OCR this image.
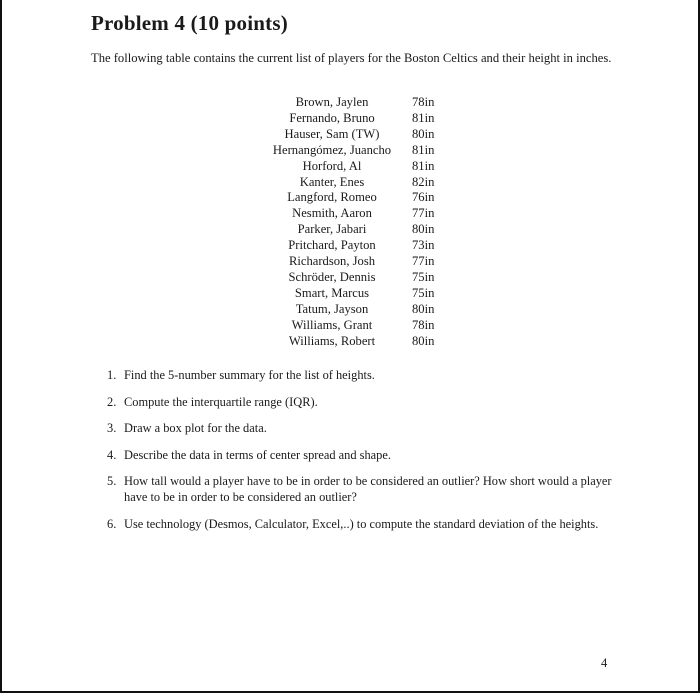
Problem 4 (10 points)
The following table contains the current list of players for the Boston Celtics and their height in inches.
Brown, Jaylen	78in
Fernando, Bruno	81in
Hauser, Sam (TW)	80in
Hernangómez, Juancho	81in
Horford, Al	81in
Kanter, Enes	82in
Langford, Romeo	76in
Nesmith, Aaron	77in
Parker, Jabari	80in
Pritchard, Payton	73in
Richardson, Josh	77in
Schröder, Dennis	75in
Smart, Marcus	75in
Tatum, Jayson	80in
Williams, Grant	78in
Williams, Robert	80in
1. Find the 5-number summary for the list of heights.
2. Compute the interquartile range (IQR).
3. Draw a box plot for the data.
4. Describe the data in terms of center spread and shape.
5. How tall would a player have to be in order to be considered an outlier? How short would a player have to be in order to be considered an outlier?
6. Use technology (Desmos, Calculator, Excel,..) to compute the standard deviation of the heights.
4
